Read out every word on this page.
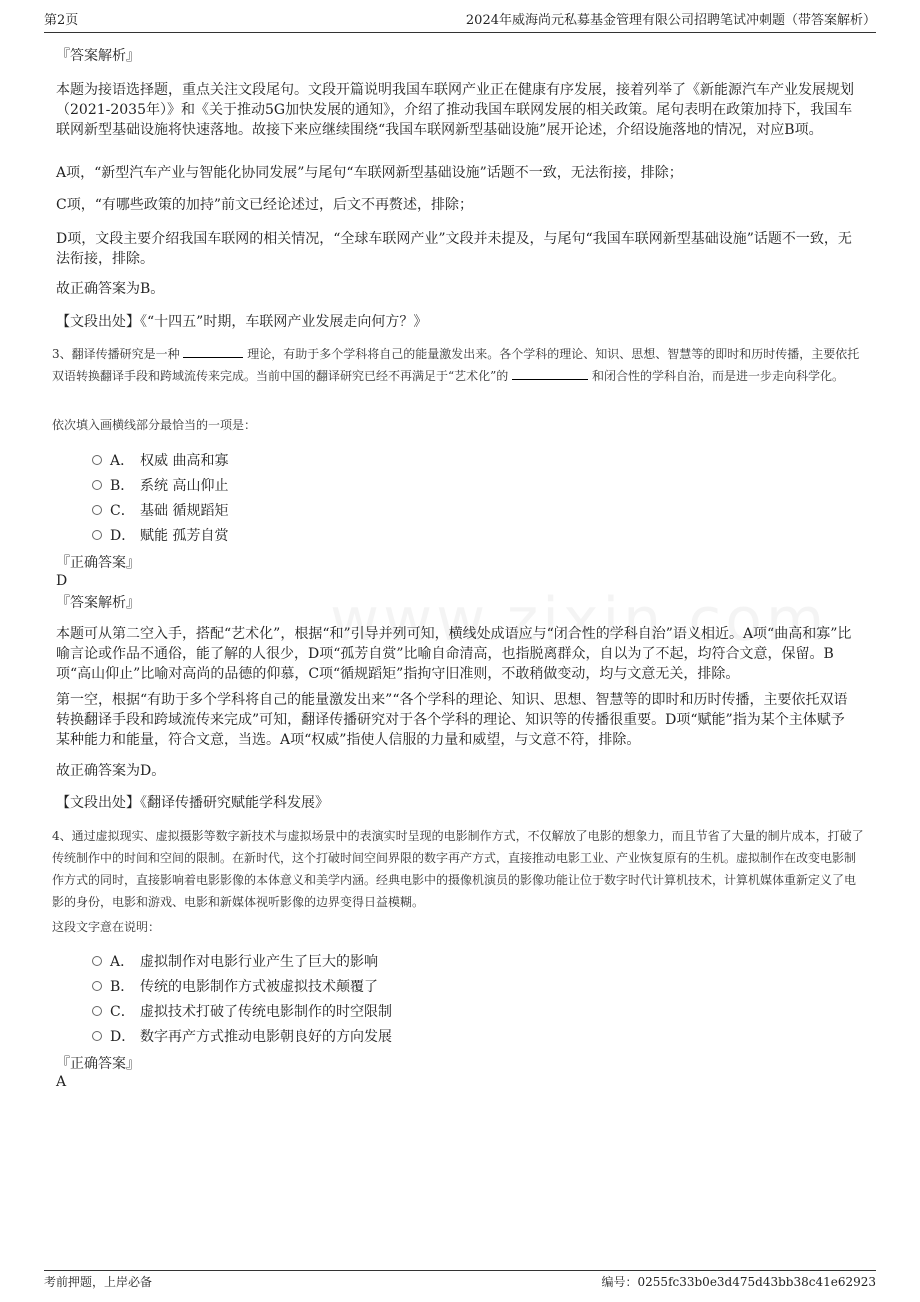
第2页	2024年威海尚元私募基金管理有限公司招聘笔试冲刺题（带答案解析）

『答案解析』

本题为接语选择题，重点关注文段尾句。文段开篇说明我国车联网产业正在健康有序发展，接着列举了《新能源汽车产业发展规划（2021-2035年）》和《关于推动5G加快发展的通知》，介绍了推动我国车联网发展的相关政策。尾句表明在政策加持下，我国车联网新型基础设施将快速落地。故接下来应继续围绕“我国车联网新型基础设施”展开论述，介绍设施落地的情况，对应B项。

A项，“新型汽车产业与智能化协同发展”与尾句“车联网新型基础设施”话题不一致，无法衔接，排除；

C项，“有哪些政策的加持”前文已经论述过，后文不再赘述，排除；

D项，文段主要介绍我国车联网的相关情况，“全球车联网产业”文段并未提及，与尾句“我国车联网新型基础设施”话题不一致，无法衔接，排除。

故正确答案为B。

【文段出处】《“十四五”时期，车联网产业发展走向何方？》

3、翻译传播研究是一种	理论，有助于多个学科将自己的能量激发出来。各个学科的理论、知识、思想、智慧等的即时和历时传播，主要依托双语转换翻译手段和跨域流传来完成。当前中国的翻译研究已经不再满足于“艺术化”的	和闭合性的学科自治，而是进一步走向科学化。

依次填入画横线部分最恰当的一项是：

A． 权威 曲高和寡
B． 系统 高山仰止
C． 基础 循规蹈矩
D． 赋能 孤芳自赏

『正确答案』

D

『答案解析』

本题可从第二空入手，搭配“艺术化”，根据“和”引导并列可知，横线处成语应与“闭合性的学科自治”语义相近。A项“曲高和寡”比喻言论或作品不通俗，能了解的人很少，D项“孤芳自赏”比喻自命清高，也指脱离群众，自以为了不起，均符合文意，保留。B项“高山仰止”比喻对高尚的品德的仰慕，C项“循规蹈矩”指拘守旧准则，不敢稍做变动，均与文意无关，排除。

第一空，根据“有助于多个学科将自己的能量激发出来”“各个学科的理论、知识、思想、智慧等的即时和历时传播，主要依托双语转换翻译手段和跨域流传来完成”可知，翻译传播研究对于各个学科的理论、知识等的传播很重要。D项“赋能”指为某个主体赋予某种能力和能量，符合文意，当选。A项“权威”指使人信服的力量和威望，与文意不符，排除。

故正确答案为D。

【文段出处】《翻译传播研究赋能学科发展》

4、通过虚拟现实、虚拟摄影等数字新技术与虚拟场景中的表演实时呈现的电影制作方式，不仅解放了电影的想象力，而且节省了大量的制片成本，打破了传统制作中的时间和空间的限制。在新时代，这个打破时间空间界限的数字再产方式，直接推动电影工业、产业恢复原有的生机。虚拟制作在改变电影制作方式的同时，直接影响着电影影像的本体意义和美学内涵。经典电影中的摄像机演员的影像功能让位于数字时代计算机技术，计算机媒体重新定义了电影的身份，电影和游戏、电影和新媒体视听影像的边界变得日益模糊。

这段文字意在说明：

A． 虚拟制作对电影行业产生了巨大的影响
B． 传统的电影制作方式被虚拟技术颠覆了
C． 虚拟技术打破了传统电影制作的时空限制
D． 数字再产方式推动电影朝良好的方向发展

『正确答案』

A

考前押题，上岸必备	编号：0255fc33b0e3d475d43bb38c41e62923
